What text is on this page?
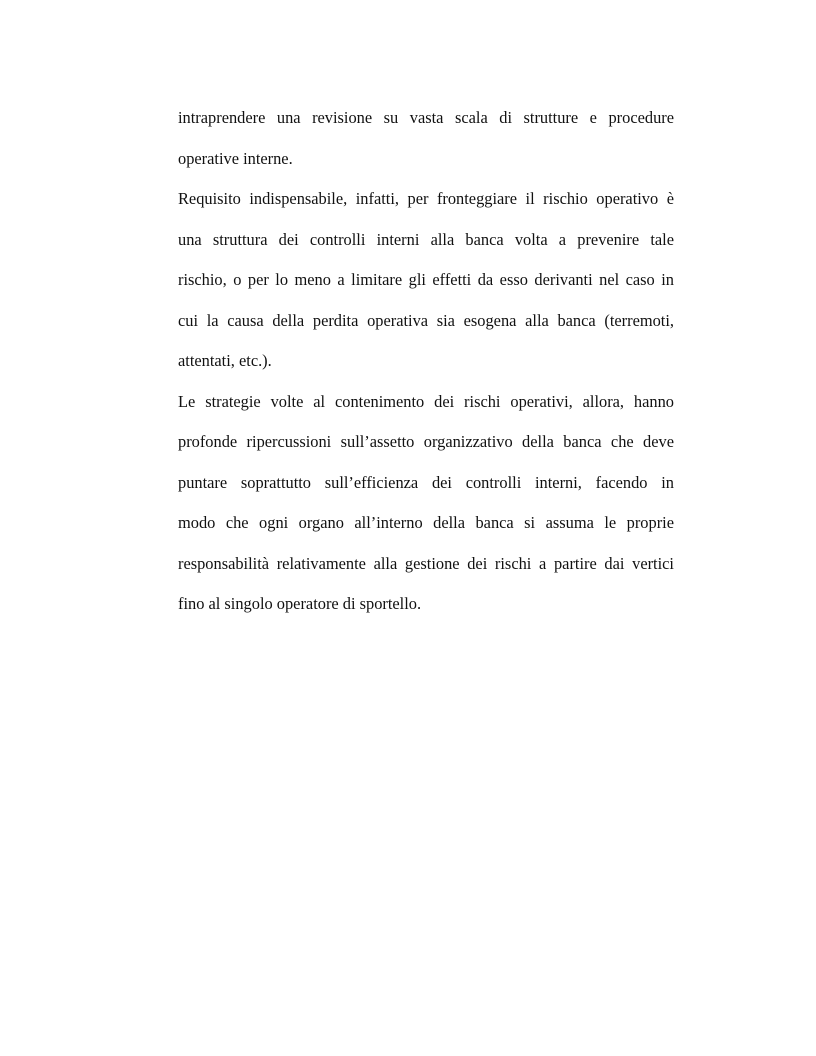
intraprendere una revisione su vasta scala di strutture e procedure
operative interne.
Requisito indispensabile, infatti, per fronteggiare il rischio operativo è
una struttura dei controlli interni alla banca volta a prevenire tale
rischio, o per lo meno a limitare gli effetti da esso derivanti nel caso in
cui la causa della perdita operativa sia esogena alla banca (terremoti,
attentati, etc.).
Le strategie volte al contenimento dei rischi operativi, allora, hanno
profonde ripercussioni sull’assetto organizzativo della banca che deve
puntare soprattutto sull’efficienza dei controlli interni, facendo in
modo che ogni organo all’interno della banca si assuma le proprie
responsabilità relativamente alla gestione dei rischi a partire dai vertici
fino al singolo operatore di sportello.
